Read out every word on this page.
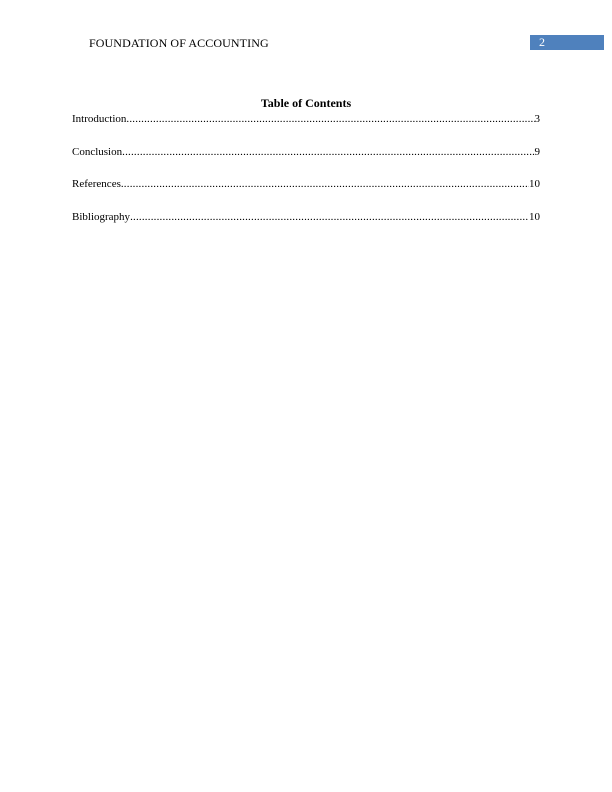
FOUNDATION OF ACCOUNTING	2
Table of Contents
Introduction .....	3
Conclusion .....	9
References .....	10
Bibliography .....	10
